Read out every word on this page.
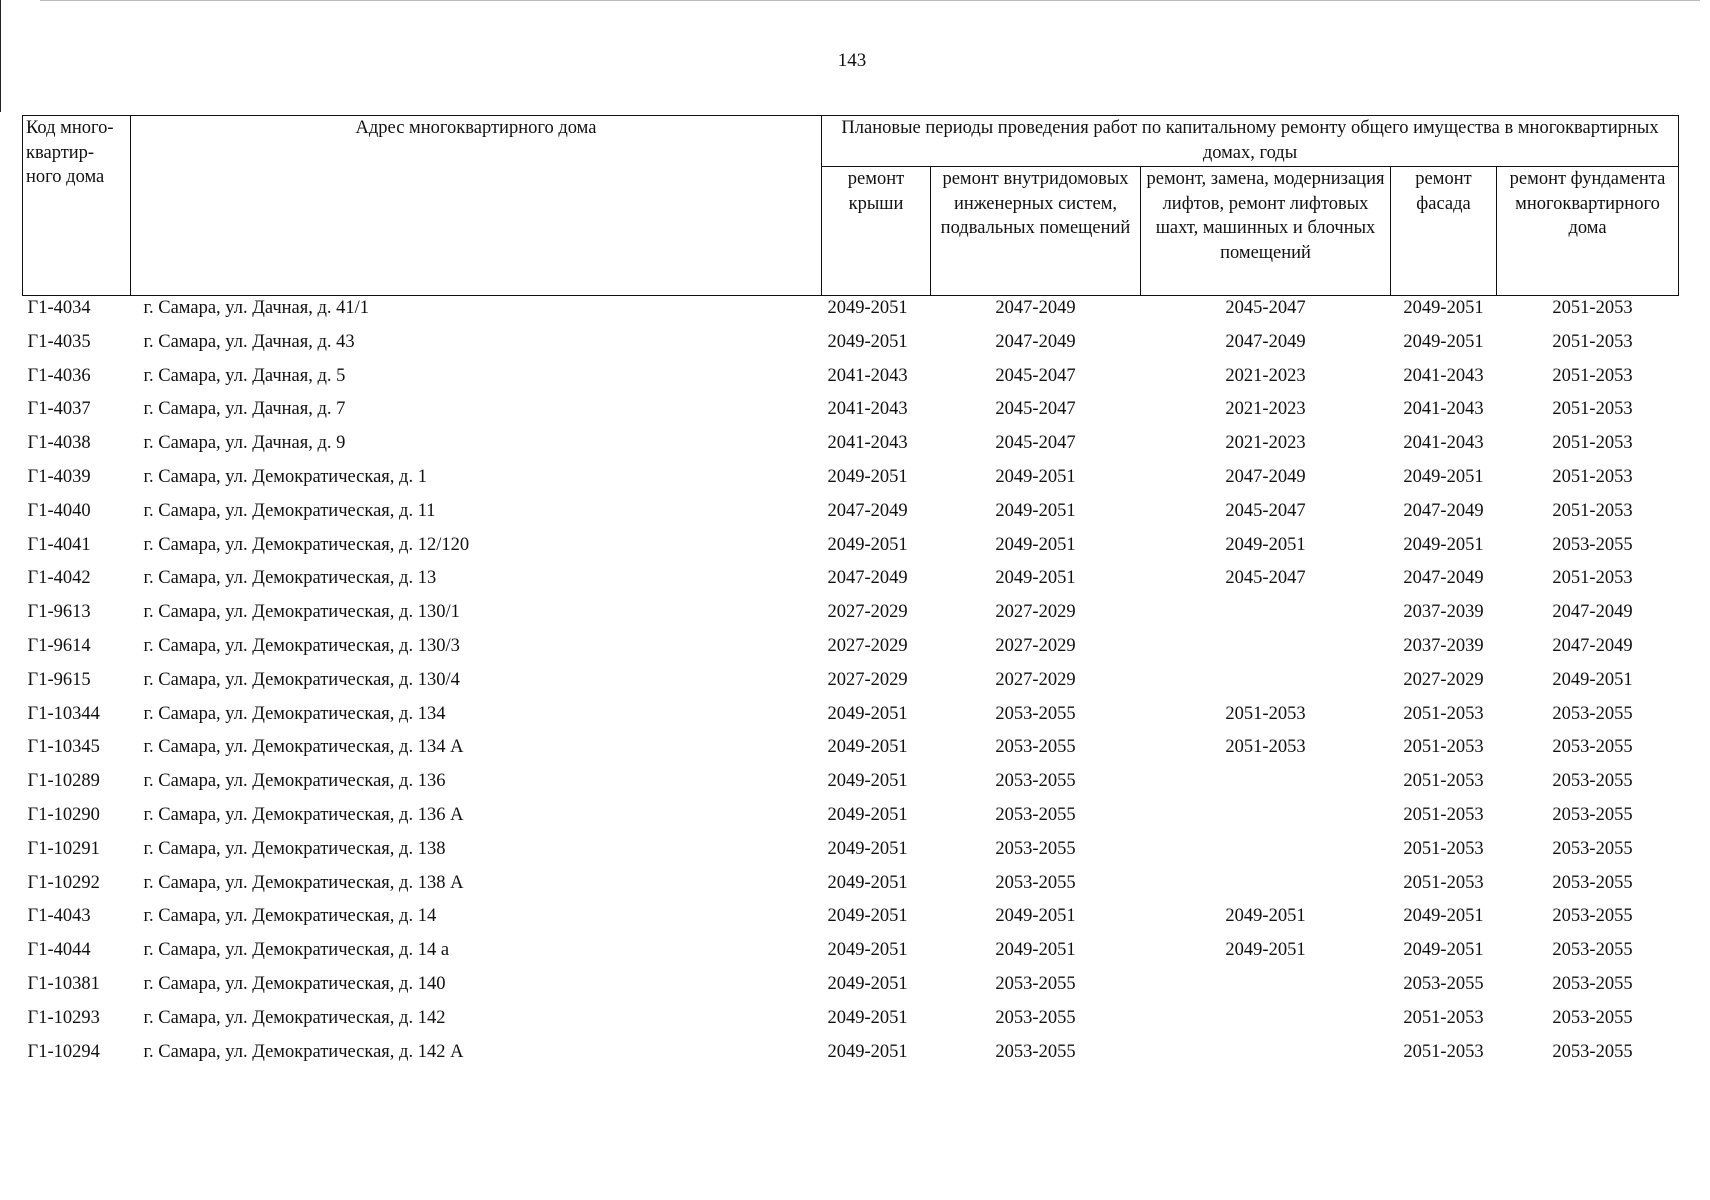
143
Код много-квартир-ного дома	Адрес многоквартирного дома	Плановые периоды проведения работ по капитальному ремонту общего имущества в многоквартирных домах, годы				
		ремонт крыши	ремонт внутридомовых инженерных систем, подвальных помещений	ремонт, замена, модернизация лифтов, ремонт лифтовых шахт, машинных и блочных помещений	ремонт фасада	ремонт фундамента многоквартирного дома
Г1-4034	г. Самара, ул. Дачная, д. 41/1	2049-2051	2047-2049	2045-2047	2049-2051	2051-2053
Г1-4035	г. Самара, ул. Дачная, д. 43	2049-2051	2047-2049	2047-2049	2049-2051	2051-2053
Г1-4036	г. Самара, ул. Дачная, д. 5	2041-2043	2045-2047	2021-2023	2041-2043	2051-2053
Г1-4037	г. Самара, ул. Дачная, д. 7	2041-2043	2045-2047	2021-2023	2041-2043	2051-2053
Г1-4038	г. Самара, ул. Дачная, д. 9	2041-2043	2045-2047	2021-2023	2041-2043	2051-2053
Г1-4039	г. Самара, ул. Демократическая, д. 1	2049-2051	2049-2051	2047-2049	2049-2051	2051-2053
Г1-4040	г. Самара, ул. Демократическая, д. 11	2047-2049	2049-2051	2045-2047	2047-2049	2051-2053
Г1-4041	г. Самара, ул. Демократическая, д. 12/120	2049-2051	2049-2051	2049-2051	2049-2051	2053-2055
Г1-4042	г. Самара, ул. Демократическая, д. 13	2047-2049	2049-2051	2045-2047	2047-2049	2051-2053
Г1-9613	г. Самара, ул. Демократическая, д. 130/1	2027-2029	2027-2029		2037-2039	2047-2049
Г1-9614	г. Самара, ул. Демократическая, д. 130/3	2027-2029	2027-2029		2037-2039	2047-2049
Г1-9615	г. Самара, ул. Демократическая, д. 130/4	2027-2029	2027-2029		2027-2029	2049-2051
Г1-10344	г. Самара, ул. Демократическая, д. 134	2049-2051	2053-2055	2051-2053	2051-2053	2053-2055
Г1-10345	г. Самара, ул. Демократическая, д. 134 А	2049-2051	2053-2055	2051-2053	2051-2053	2053-2055
Г1-10289	г. Самара, ул. Демократическая, д. 136	2049-2051	2053-2055		2051-2053	2053-2055
Г1-10290	г. Самара, ул. Демократическая, д. 136 А	2049-2051	2053-2055		2051-2053	2053-2055
Г1-10291	г. Самара, ул. Демократическая, д. 138	2049-2051	2053-2055		2051-2053	2053-2055
Г1-10292	г. Самара, ул. Демократическая, д. 138 А	2049-2051	2053-2055		2051-2053	2053-2055
Г1-4043	г. Самара, ул. Демократическая, д. 14	2049-2051	2049-2051	2049-2051	2049-2051	2053-2055
Г1-4044	г. Самара, ул. Демократическая, д. 14 а	2049-2051	2049-2051	2049-2051	2049-2051	2053-2055
Г1-10381	г. Самара, ул. Демократическая, д. 140	2049-2051	2053-2055		2053-2055	2053-2055
Г1-10293	г. Самара, ул. Демократическая, д. 142	2049-2051	2053-2055		2051-2053	2053-2055
Г1-10294	г. Самара, ул. Демократическая, д. 142 А	2049-2051	2053-2055		2051-2053	2053-2055
